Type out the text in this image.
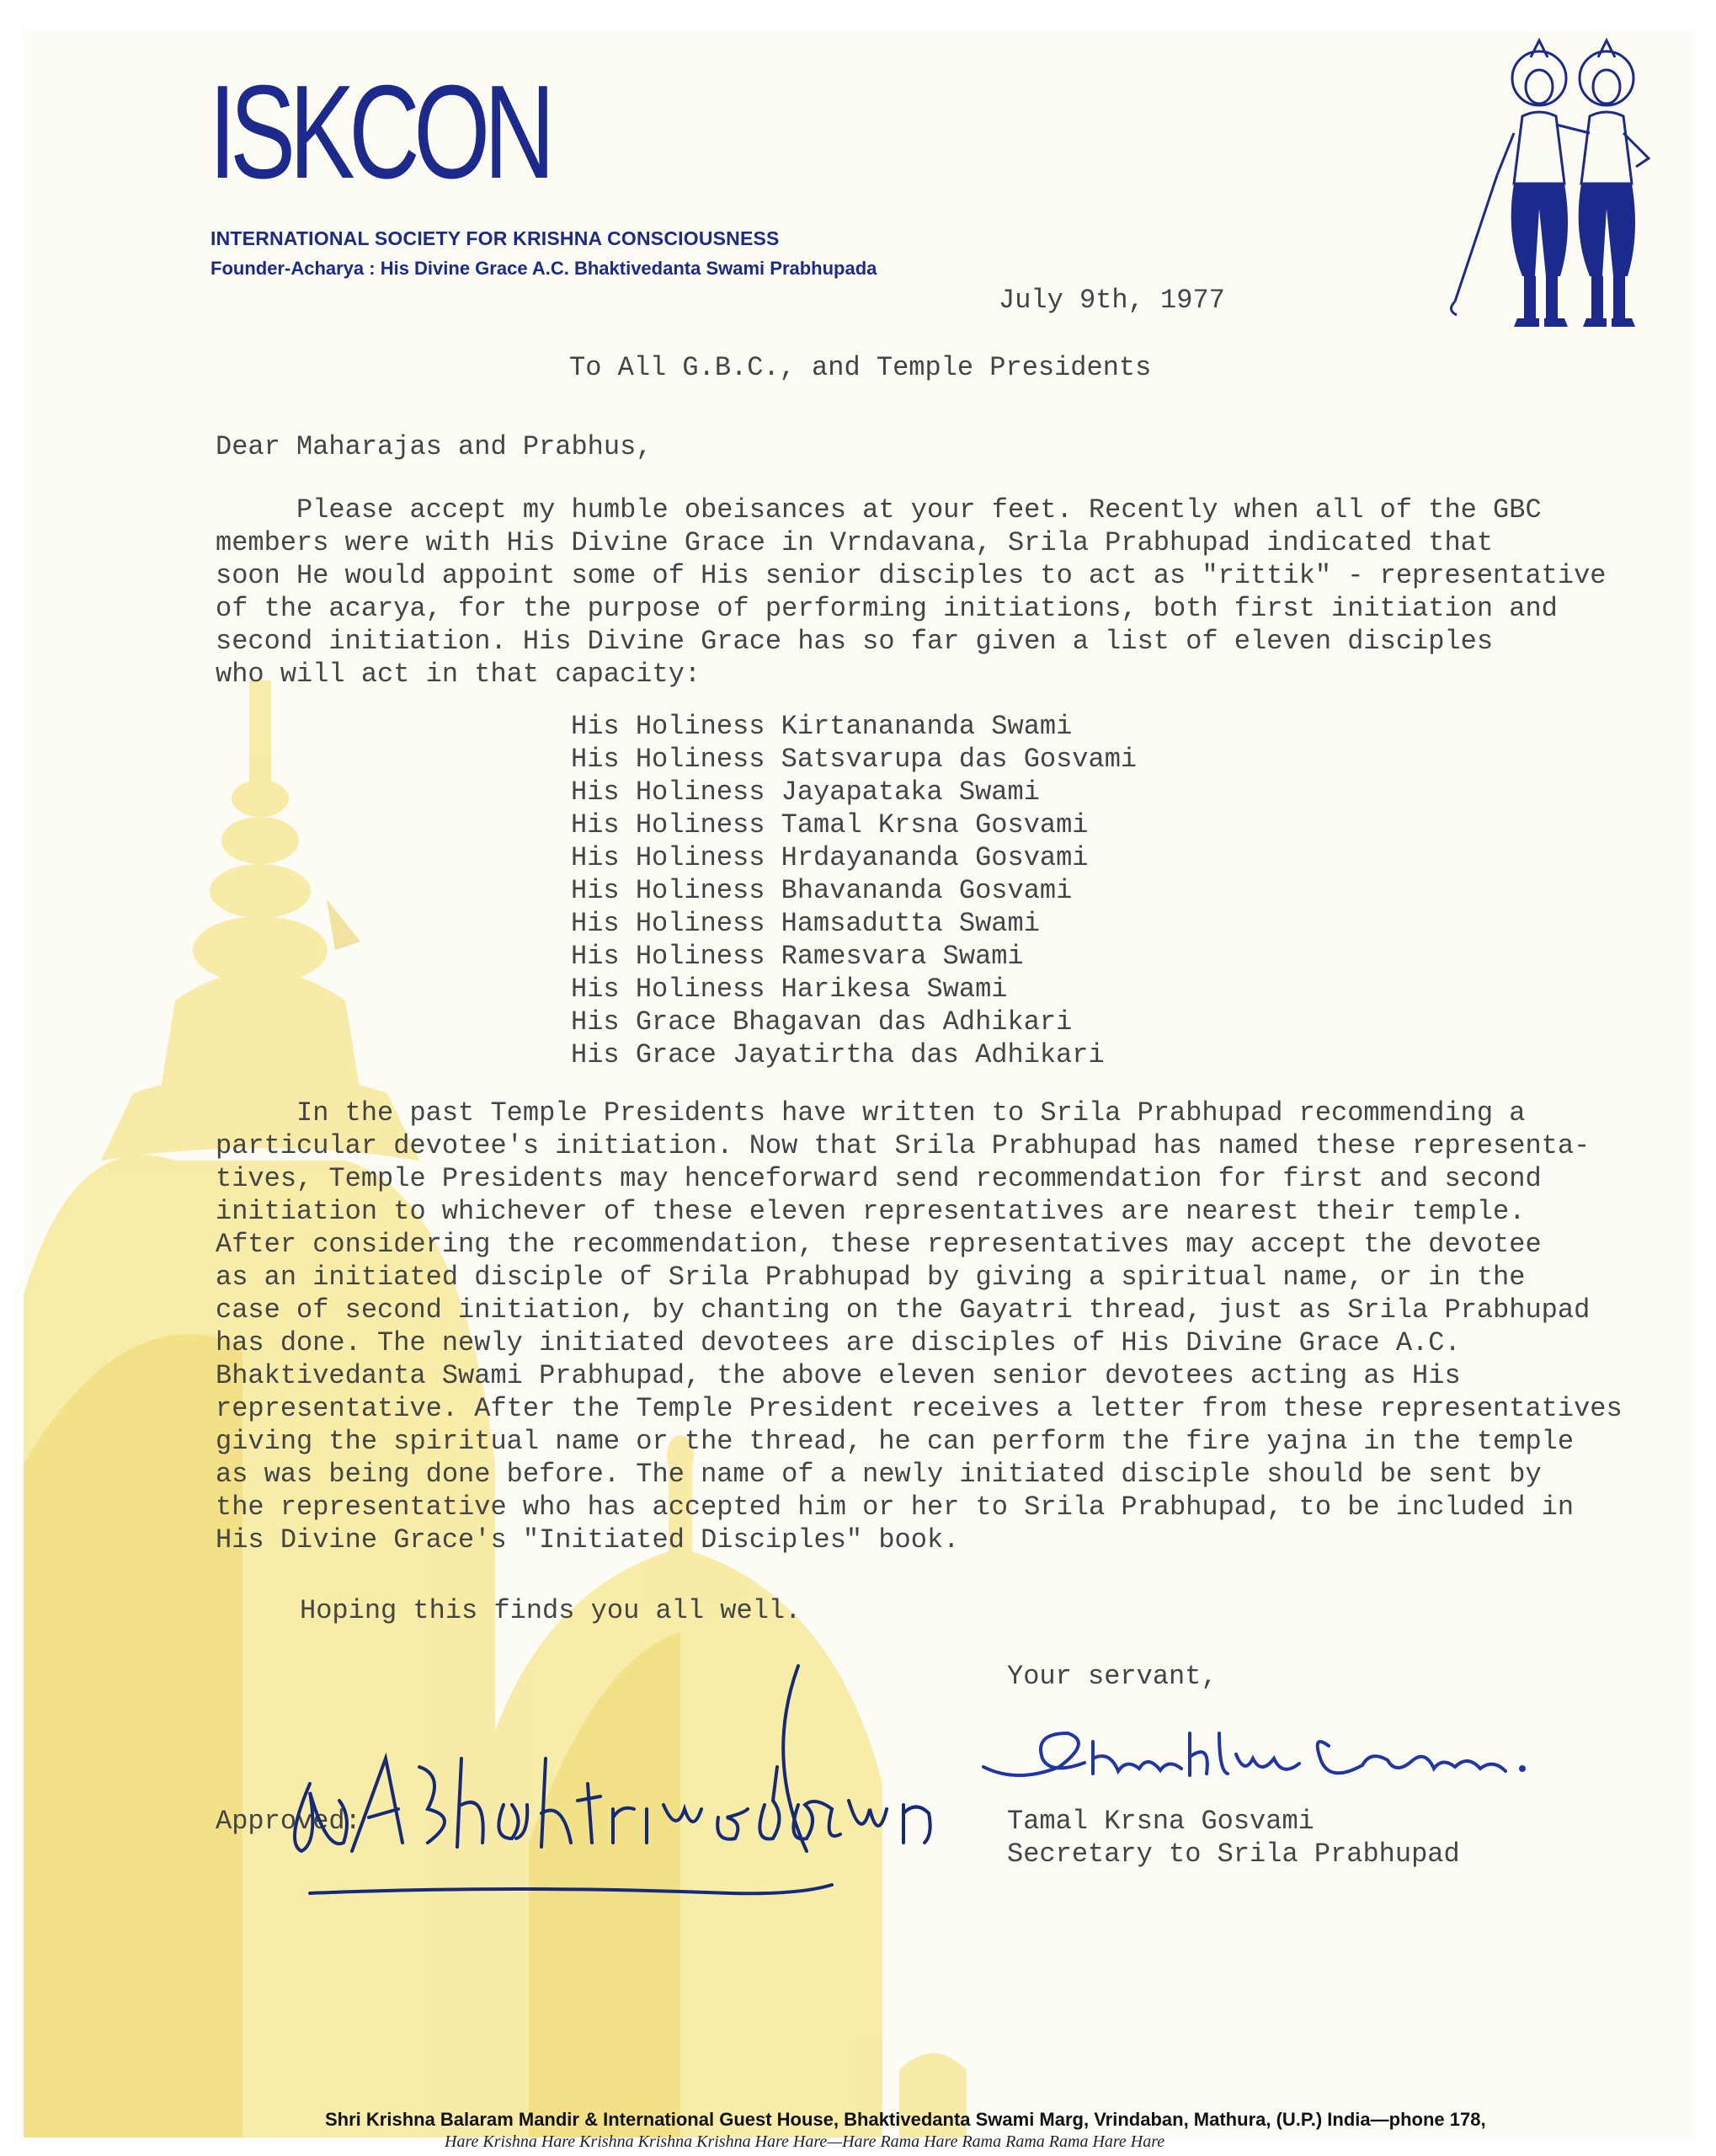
ISKCON
INTERNATIONAL SOCIETY FOR KRISHNA CONSCIOUSNESS
Founder-Acharya : His Divine Grace A.C. Bhaktivedanta Swami Prabhupada
July 9th, 1977
To All G.B.C., and Temple Presidents
Dear Maharajas and Prabhus,
Please accept my humble obeisances at your feet. Recently when all of the GBC
members were with His Divine Grace in Vrndavana, Srila Prabhupad indicated that
soon He would appoint some of His senior disciples to act as "rittik" - representative
of the acarya, for the purpose of performing initiations, both first initiation and
second initiation. His Divine Grace has so far given a list of eleven disciples
who will act in that capacity:
His Holiness Kirtanananda Swami
His Holiness Satsvarupa das Gosvami
His Holiness Jayapataka Swami
His Holiness Tamal Krsna Gosvami
His Holiness Hrdayananda Gosvami
His Holiness Bhavananda Gosvami
His Holiness Hamsadutta Swami
His Holiness Ramesvara Swami
His Holiness Harikesa Swami
His Grace Bhagavan das Adhikari
His Grace Jayatirtha das Adhikari
In the past Temple Presidents have written to Srila Prabhupad recommending a
particular devotee's initiation. Now that Srila Prabhupad has named these representa-
tives, Temple Presidents may henceforward send recommendation for first and second
initiation to whichever of these eleven representatives are nearest their temple.
After considering the recommendation, these representatives may accept the devotee
as an initiated disciple of Srila Prabhupad by giving a spiritual name, or in the
case of second initiation, by chanting on the Gayatri thread, just as Srila Prabhupad
has done. The newly initiated devotees are disciples of His Divine Grace A.C.
Bhaktivedanta Swami Prabhupad, the above eleven senior devotees acting as His
representative. After the Temple President receives a letter from these representatives
giving the spiritual name or the thread, he can perform the fire yajna in the temple
as was being done before. The name of a newly initiated disciple should be sent by
the representative who has accepted him or her to Srila Prabhupad, to be included in
His Divine Grace's "Initiated Disciples" book.
Hoping this finds you all well.
Your servant,
Tamal Krsna Gosvami
Secretary to Srila Prabhupad
Approved:
Shri Krishna Balaram Mandir & International Guest House, Bhaktivedanta Swami Marg, Vrindaban, Mathura, (U.P.) India—phone 178,
Hare Krishna Hare Krishna Krishna Krishna Hare Hare—Hare Rama Hare Rama Rama Rama Hare Hare
